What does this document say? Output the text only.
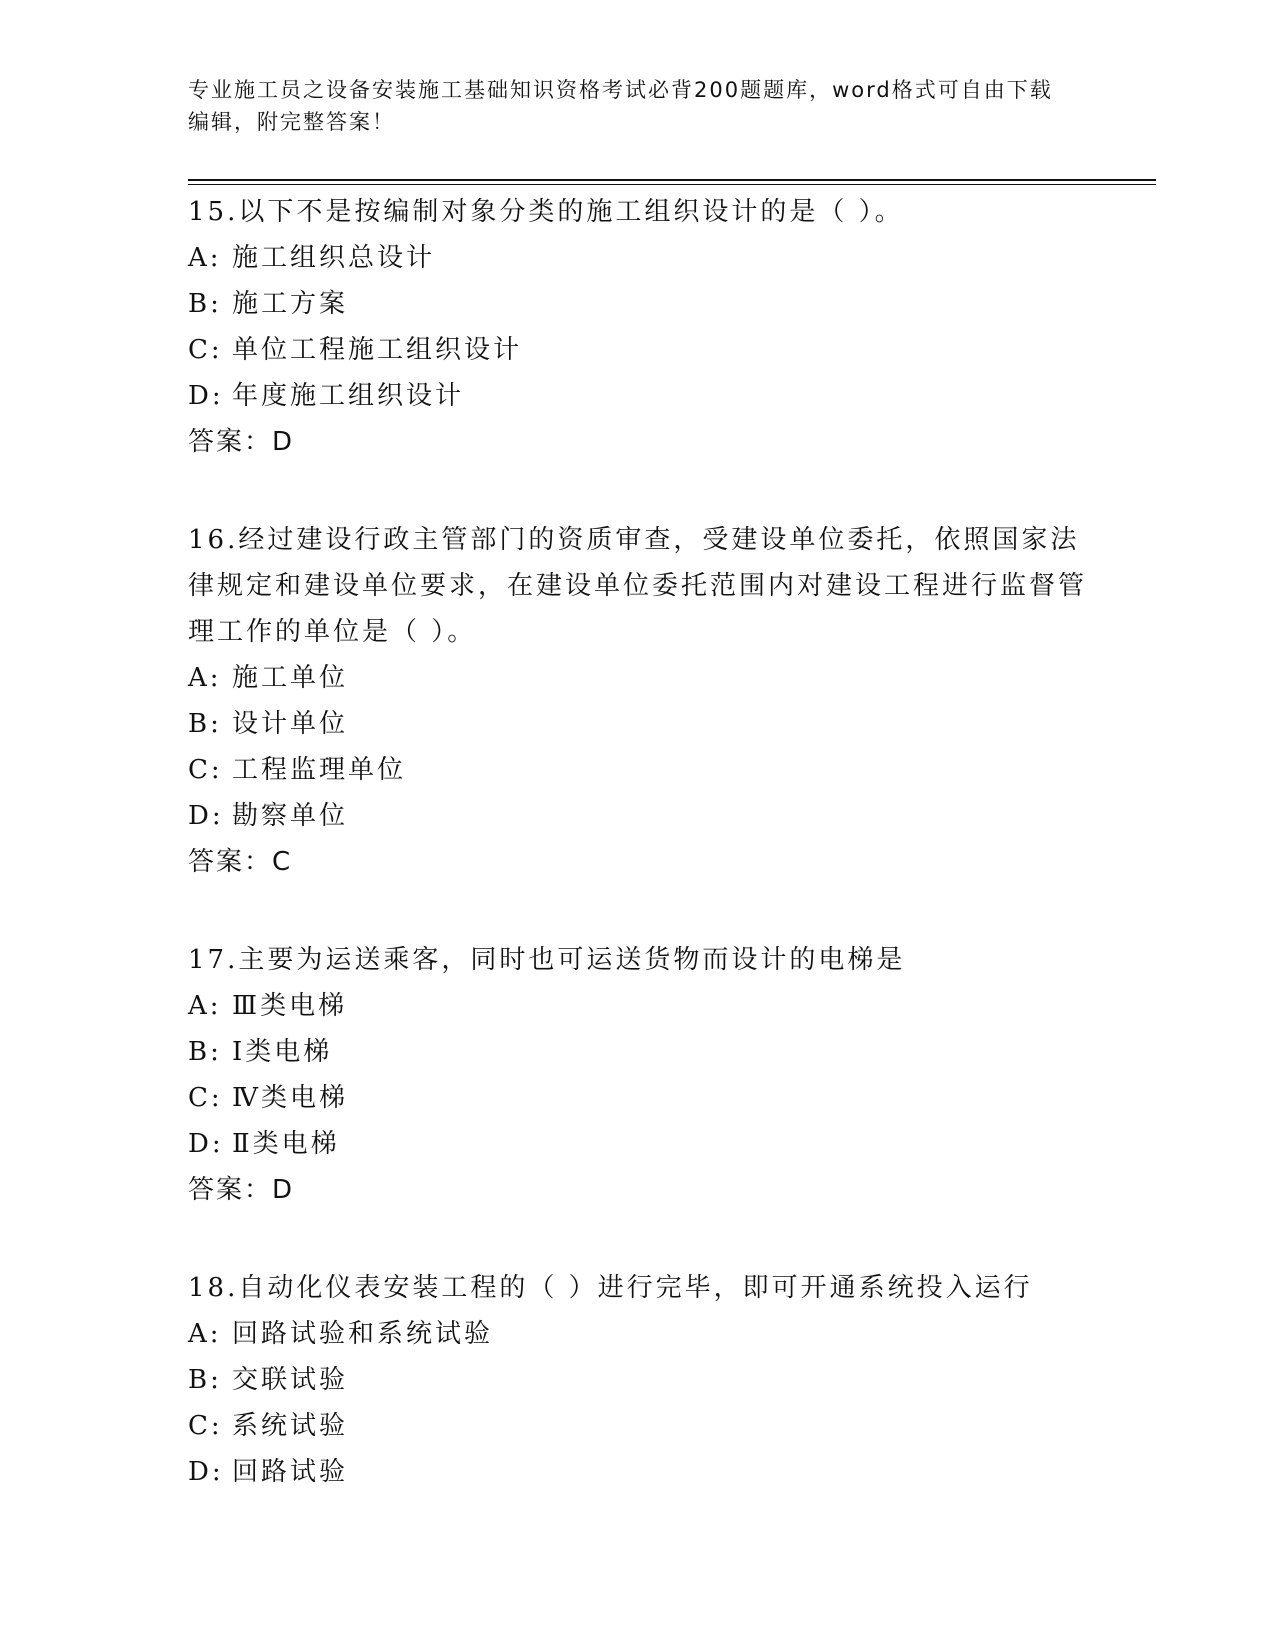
专业施工员之设备安装施工基础知识资格考试必背200题题库，word格式可自由下载编辑，附完整答案！
15.以下不是按编制对象分类的施工组织设计的是（ ）。
A: 施工组织总设计
B: 施工方案
C: 单位工程施工组织设计
D: 年度施工组织设计
答案：D
16.经过建设行政主管部门的资质审查，受建设单位委托，依照国家法律规定和建设单位要求，在建设单位委托范围内对建设工程进行监督管理工作的单位是（ ）。
A: 施工单位
B: 设计单位
C: 工程监理单位
D: 勘察单位
答案：C
17.主要为运送乘客，同时也可运送货物而设计的电梯是
A: Ⅲ类电梯
B: Ⅰ类电梯
C: Ⅳ类电梯
D: Ⅱ类电梯
答案：D
18.自动化仪表安装工程的（ ）进行完毕，即可开通系统投入运行
A: 回路试验和系统试验
B: 交联试验
C: 系统试验
D: 回路试验
